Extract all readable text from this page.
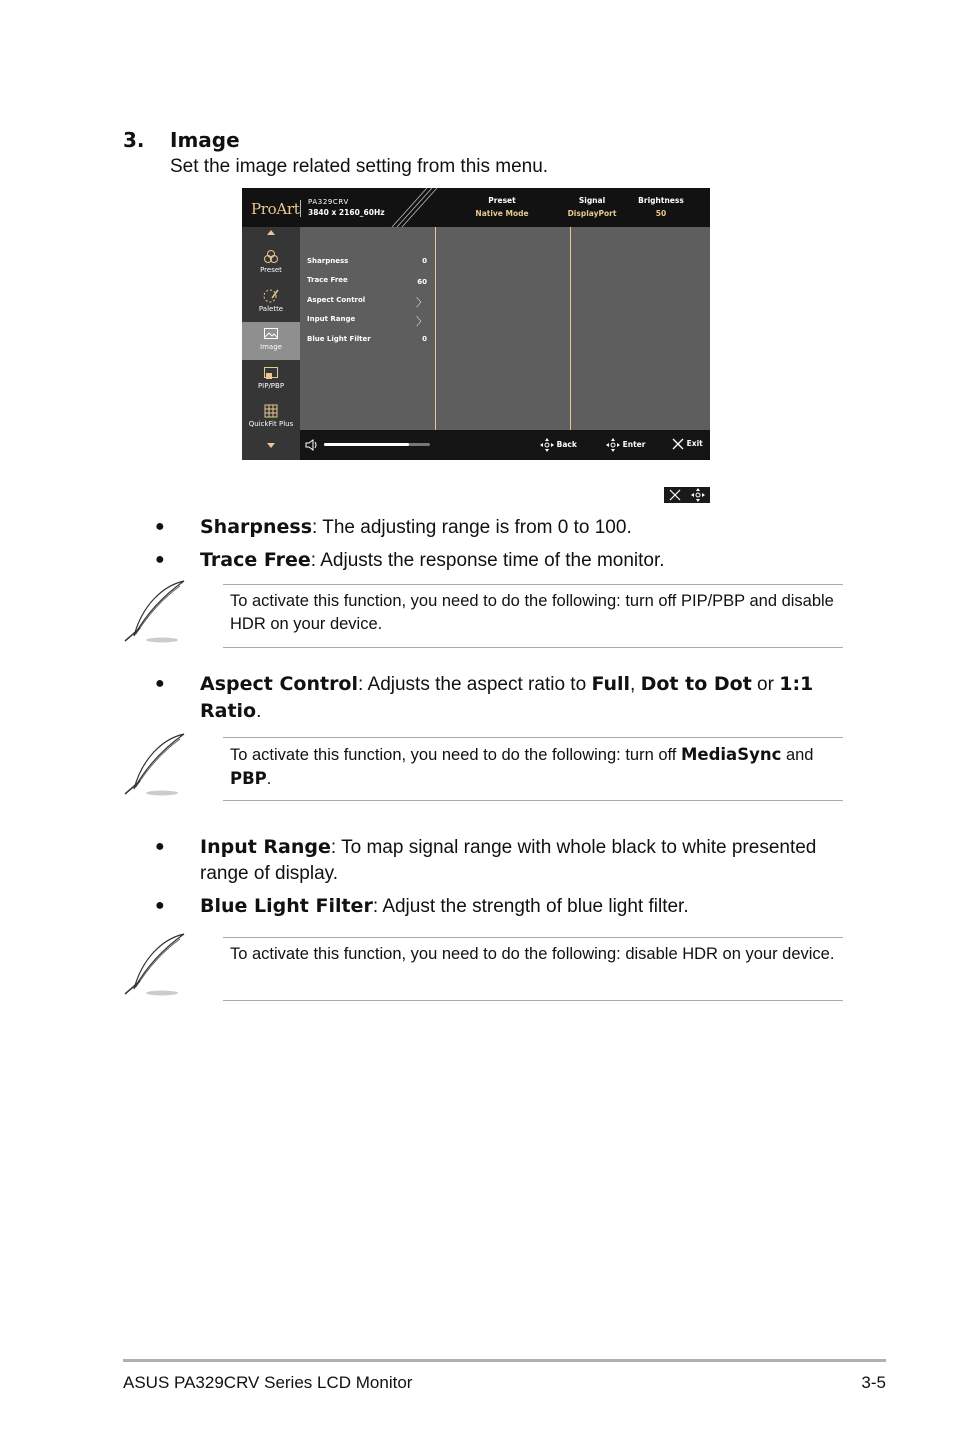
3. Image
Set the image related setting from this menu.
ProArt PA329CRV
3840 x 2160_60Hz
Preset
Native Mode
Signal
DisplayPort
Brightness
50
Preset
Palette
Image
PIP/PBP
QuickFit Plus
Sharpness	0
Trace Free	60
Aspect Control	〉
Input Range	〉
Blue Light Filter	0
Back	Enter	Exit
● Sharpness: The adjusting range is from 0 to 100.
● Trace Free: Adjusts the response time of the monitor.
To activate this function, you need to do the following: turn off PIP/PBP and disable HDR on your device.
● Aspect Control: Adjusts the aspect ratio to Full, Dot to Dot or 1:1 Ratio.
To activate this function, you need to do the following: turn off MediaSync and PBP.
● Input Range: To map signal range with whole black to white presented range of display.
● Blue Light Filter: Adjust the strength of blue light filter.
To activate this function, you need to do the following: disable HDR on your device.
ASUS PA329CRV Series LCD Monitor	3-5
